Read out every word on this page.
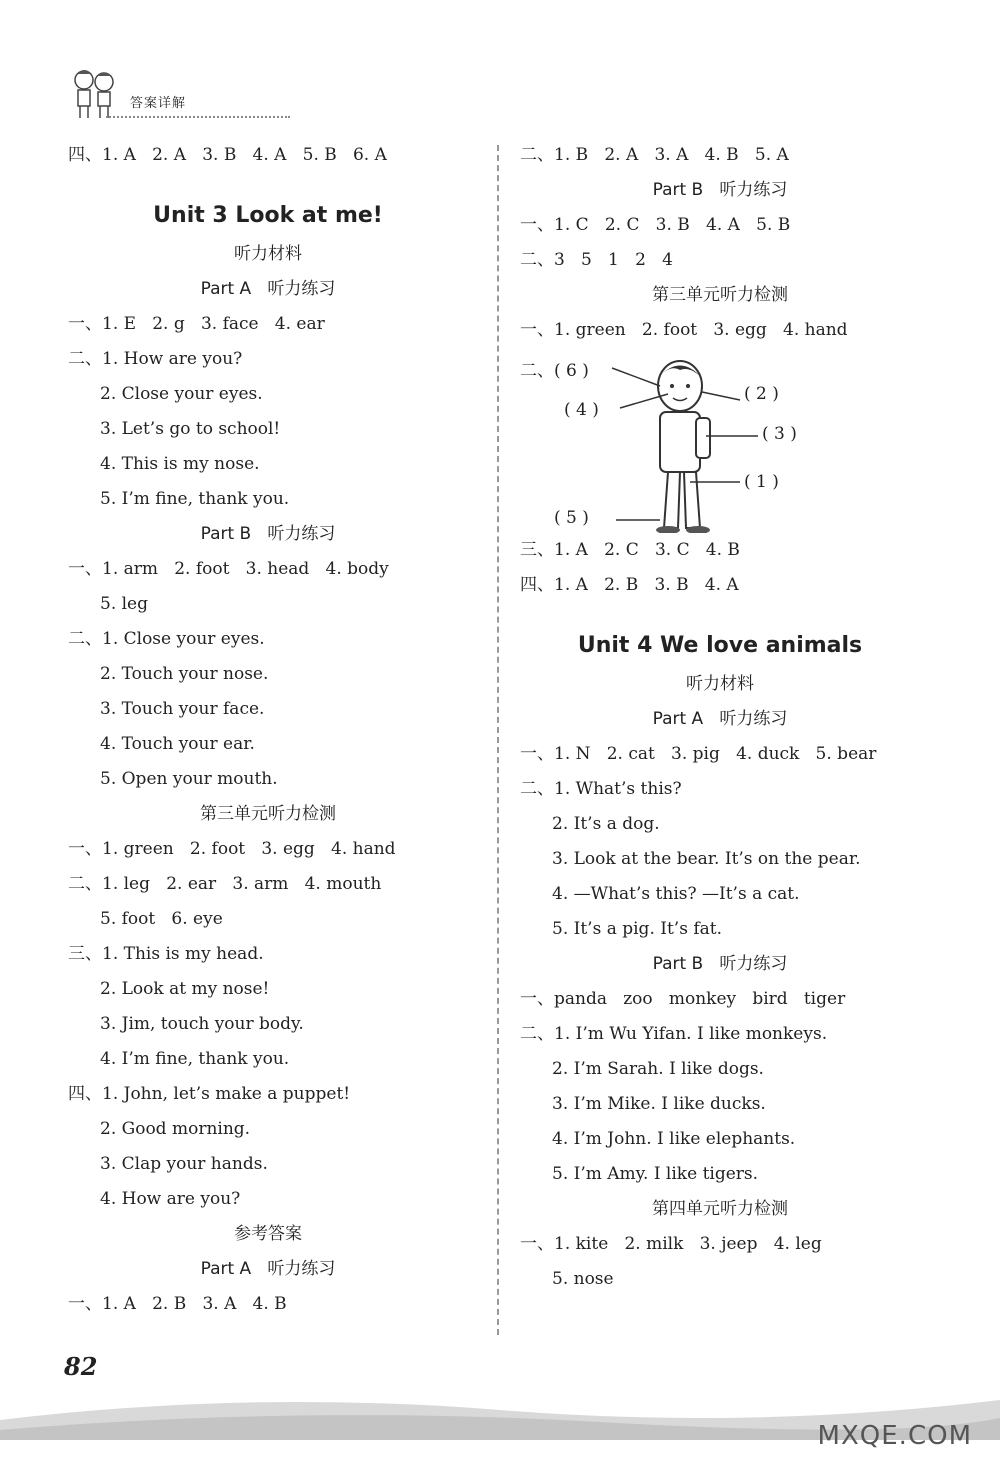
答案详解
四、1. A   2. A   3. B   4. A   5. B   6. A
Unit 3 Look at me!
听力材料
Part A   听力练习
一、1. E   2. g   3. face   4. ear
二、1. How are you?
2. Close your eyes.
3. Let’s go to school!
4. This is my nose.
5. I’m fine, thank you.
Part B   听力练习
一、1. arm   2. foot   3. head   4. body
5. leg
二、1. Close your eyes.
2. Touch your nose.
3. Touch your face.
4. Touch your ear.
5. Open your mouth.
第三单元听力检测
一、1. green   2. foot   3. egg   4. hand
二、1. leg   2. ear   3. arm   4. mouth
5. foot   6. eye
三、1. This is my head.
2. Look at my nose!
3. Jim, touch your body.
4. I’m fine, thank you.
四、1. John, let’s make a puppet!
2. Good morning.
3. Clap your hands.
4. How are you?
参考答案
Part A   听力练习
一、1. A   2. B   3. A   4. B
二、1. B   2. A   3. A   4. B   5. A
Part B   听力练习
一、1. C   2. C   3. B   4. A   5. B
二、3   5   1   2   4
第三单元听力检测
一、1. green   2. foot   3. egg   4. hand
二、( 6 )
( 4 )
( 5 )
( 2 )
( 3 )
( 1 )
三、1. A   2. C   3. C   4. B
四、1. A   2. B   3. B   4. A
Unit 4 We love animals
听力材料
Part A   听力练习
一、1. N   2. cat   3. pig   4. duck   5. bear
二、1. What’s this?
2. It’s a dog.
3. Look at the bear. It’s on the pear.
4. —What’s this? —It’s a cat.
5. It’s a pig. It’s fat.
Part B   听力练习
一、panda   zoo   monkey   bird   tiger
二、1. I’m Wu Yifan. I like monkeys.
2. I’m Sarah. I like dogs.
3. I’m Mike. I like ducks.
4. I’m John. I like elephants.
5. I’m Amy. I like tigers.
第四单元听力检测
一、1. kite   2. milk   3. jeep   4. leg
5. nose
82
MXQE.COM
